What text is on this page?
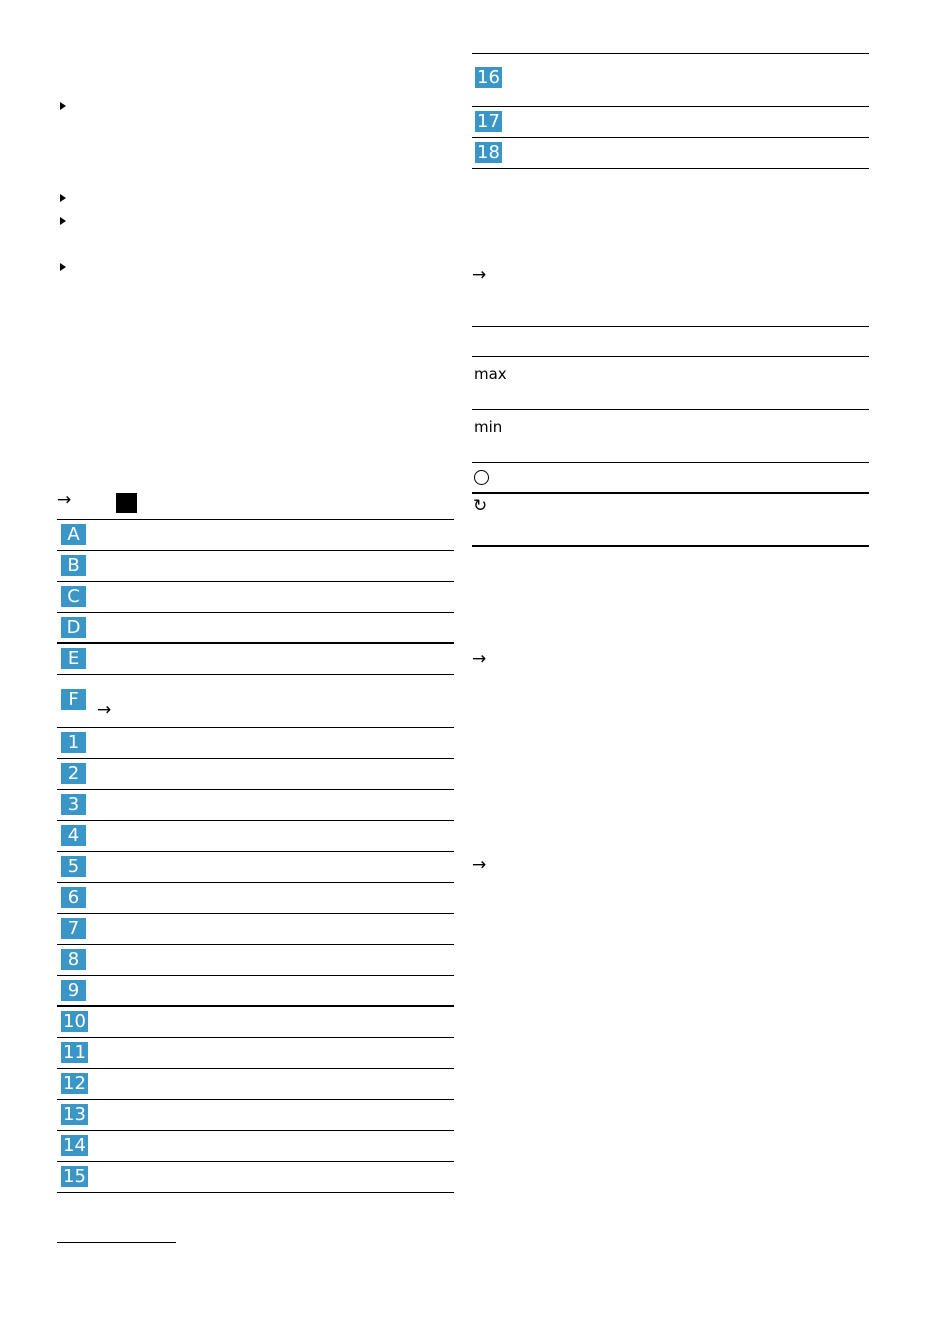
→
A
B
C
D
E
F	→
1
2
3
4
5
6
7
8
9
10
11
12
13
14
15
16
17
18
→
max
min
↻
→
→
